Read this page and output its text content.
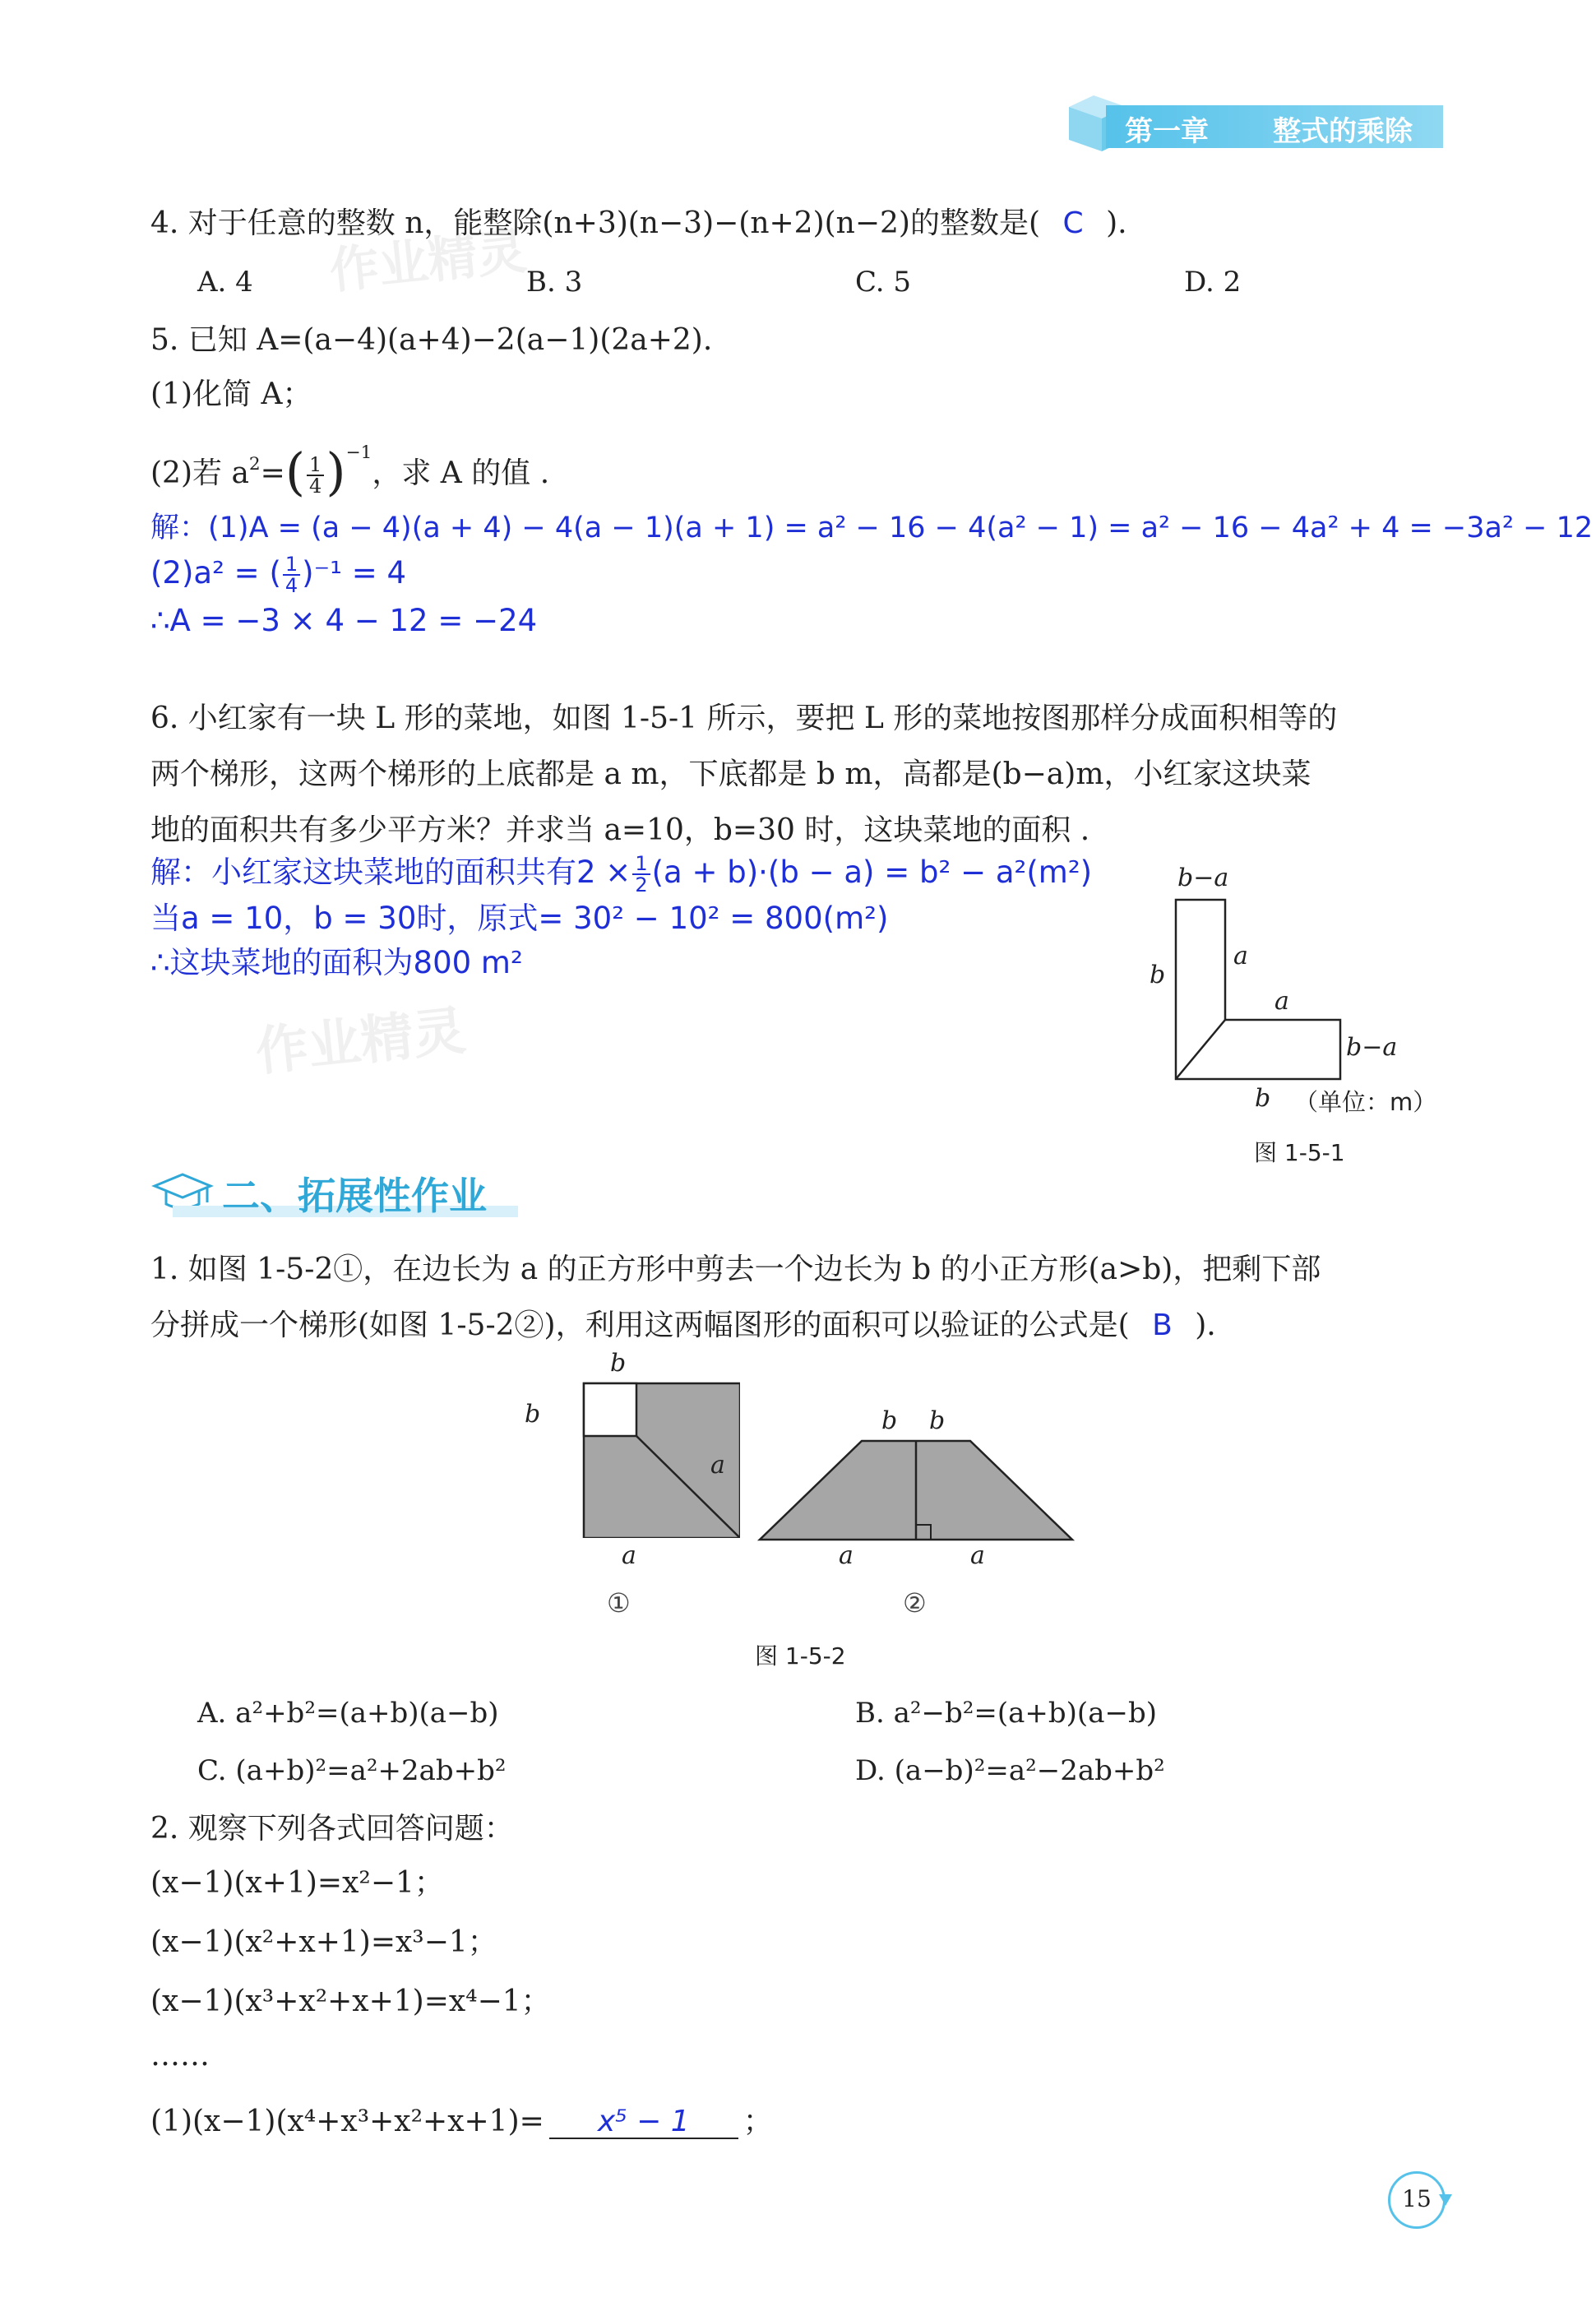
第一章 整式的乘除
作业精灵
作业精灵
4. 对于任意的整数 n，能整除(n+3)(n−3)−(n+2)(n−2)的整数是( C ).
A. 4	B. 3	C. 5	D. 2
5. 已知 A=(a−4)(a+4)−2(a−1)(2a+2).
(1)化简 A；
(2)若 $a^2=( \frac{1}{4} )^{-1}$，求 A 的值 .
解：(1)A = (a − 4)(a + 4) − 4(a − 1)(a + 1) = a² − 16 − 4(a² − 1) = a² − 16 − 4a² + 4 = −3a² − 12
(2)a² = ( $\frac{1}{4} )^{-1} = 4$
∴A = −3 × 4 − 12 = −24
6. 小红家有一块 L 形的菜地，如图 1-5-1 所示，要把 L 形的菜地按图那样分成面积相等的
两个梯形，这两个梯形的上底都是 a m，下底都是 b m，高都是(b−a)m，小红家这块菜
地的面积共有多少平方米？并求当 a=10，b=30 时，这块菜地的面积 .
解：小红家这块菜地的面积共有$2 \times \frac{1}{2} (a + b)\cdot(b - a) = b^2 - a^2(m^2)$
当a = 10，b = 30时，原式= 30² − 10² = 800(m²)
∴这块菜地的面积为800 m²
b−a
b
a
a
b−a
b （单位：m）
图 1-5-1
二、拓展性作业
1. 如图 1-5-2①，在边长为 a 的正方形中剪去一个边长为 b 的小正方形(a>b)，把剩下部
分拼成一个梯形(如图 1-5-2②)，利用这两幅图形的面积可以验证的公式是( B ).
b
b
a
a
b b
a	a
①	②
图 1-5-2
A. a²+b²=(a+b)(a−b)	B. a²−b²=(a+b)(a−b)
C. (a+b)²=a²+2ab+b²	D. (a−b)²=a²−2ab+b²
2. 观察下列各式回答问题：
(x−1)(x+1)=x²−1；
(x−1)(x²+x+1)=x³−1；
(x−1)(x³+x²+x+1)=x⁴−1；
……
(1)(x−1)(x⁴+x³+x²+x+1)= x⁵ − 1 ；
15
